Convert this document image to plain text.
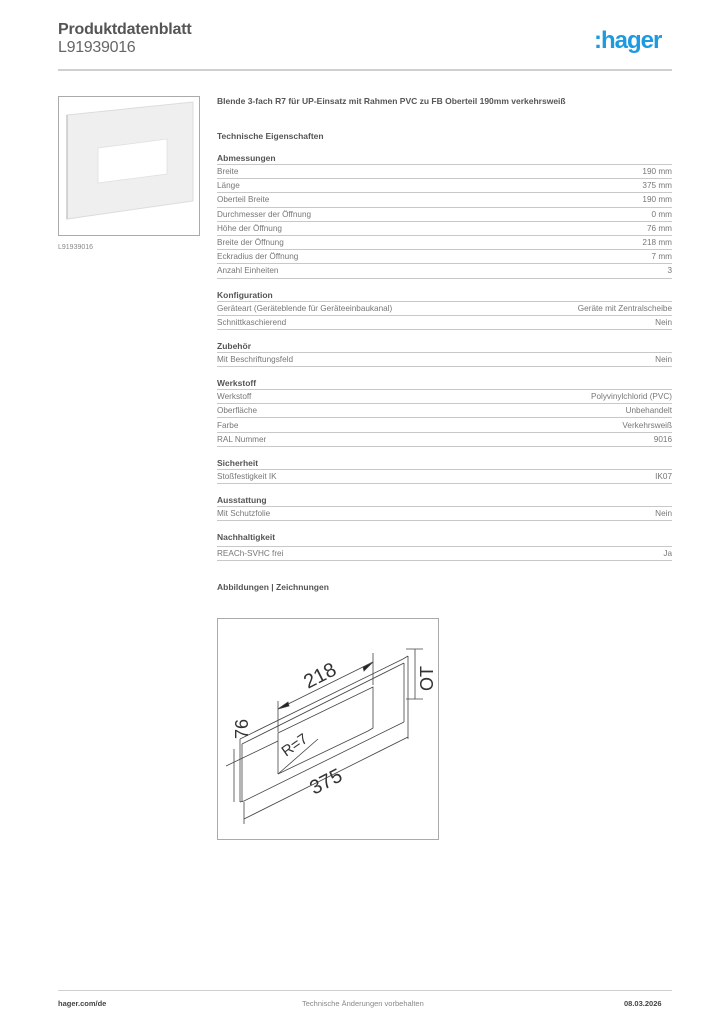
Produktdatenblatt
L91939016	:hager
L91939016
Blende 3-fach R7 für UP-Einsatz mit Rahmen PVC zu FB Oberteil 190mm verkehrsweiß
Technische Eigenschaften
Abmessungen
Breite	190 mm
Länge	375 mm
Oberteil Breite	190 mm
Durchmesser der Öffnung	0 mm
Höhe der Öffnung	76 mm
Breite der Öffnung	218 mm
Eckradius der Öffnung	7 mm
Anzahl Einheiten	3
Konfiguration
Geräteart (Geräteblende für Geräteeinbaukanal)	Geräte mit Zentralscheibe
Schnittkaschierend	Nein
Zubehör
Mit Beschriftungsfeld	Nein
Werkstoff
Werkstoff	Polyvinylchlorid (PVC)
Oberfläche	Unbehandelt
Farbe	Verkehrsweiß
RAL Nummer	9016
Sicherheit
Stoßfestigkeit IK	IK07
Ausstattung
Mit Schutzfolie	Nein
Nachhaltigkeit
REACh-SVHC frei	Ja
Abbildungen | Zeichnungen
218
76
R=7
375
OT
hager.com/de	Technische Änderungen vorbehalten	08.03.2026
